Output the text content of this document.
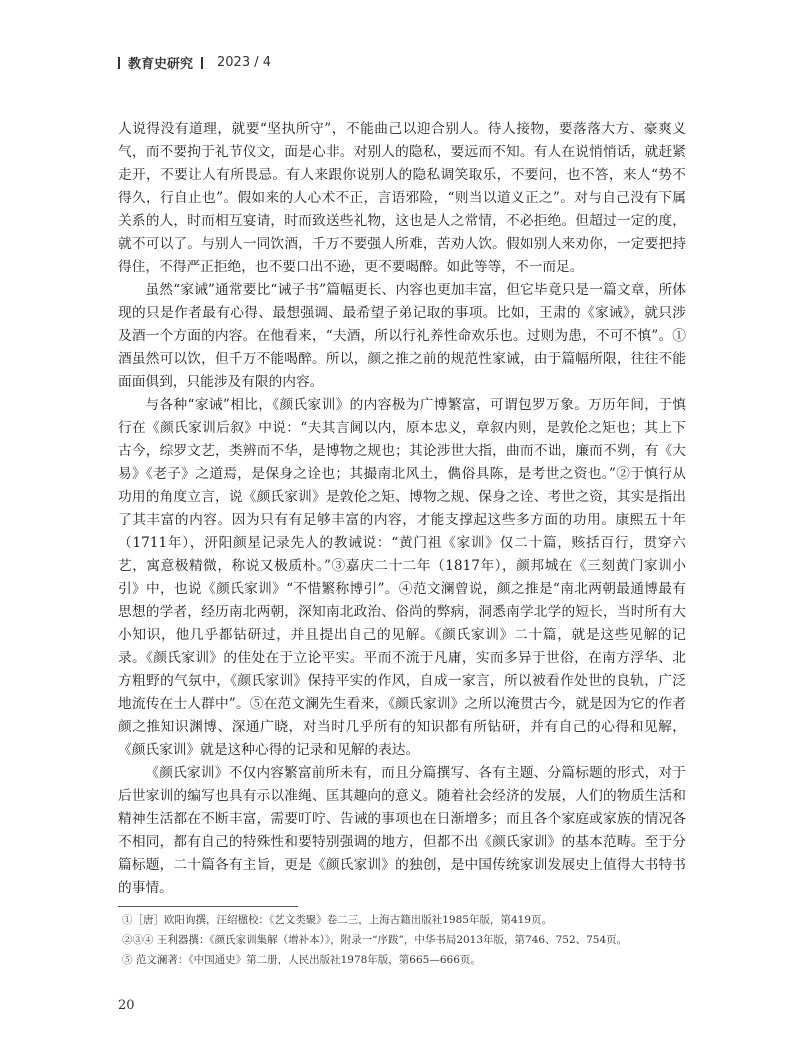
教育史研究 2023 / 4

人说得没有道理，就要“坚执所守”，不能曲己以迎合别人。待人接物，要落落大方、豪爽义气，而不要拘于礼节仪文，面是心非。对别人的隐私，要远而不知。有人在说悄悄话，就赶紧走开，不要让人有所畏忌。有人来跟你说别人的隐私调笑取乐，不要问，也不答，来人“势不得久，行自止也”。假如来的人心术不正，言语邪险，“则当以道义正之”。对与自己没有下属关系的人，时而相互宴请，时而致送些礼物，这也是人之常情，不必拒绝。但超过一定的度，就不可以了。与别人一同饮酒，千万不要强人所难，苦劝人饮。假如别人来劝你，一定要把持得住，不得严正拒绝，也不要口出不逊，更不要喝醉。如此等等，不一而足。

虽然“家诫”通常要比“诫子书”篇幅更长、内容也更加丰富，但它毕竟只是一篇文章，所体现的只是作者最有心得、最想强调、最希望子弟记取的事项。比如，王肃的《家诫》，就只涉及酒一个方面的内容。在他看来，“夫酒，所以行礼养性命欢乐也。过则为患，不可不慎”。①酒虽然可以饮，但千万不能喝醉。所以，颜之推之前的规范性家诫，由于篇幅所限，往往不能面面俱到，只能涉及有限的内容。

与各种“家诫”相比，《颜氏家训》的内容极为广博繁富，可谓包罗万象。万历年间，于慎行在《颜氏家训后叙》中说：“夫其言阃以内，原本忠义，章叙内则，是敦伦之矩也；其上下古今，综罗文艺，类辨而不华，是博物之规也；其论涉世大指，曲而不诎，廉而不刿，有《大易》《老子》之道焉，是保身之诠也；其撮南北风土，儁俗具陈，是考世之资也。”②于慎行从功用的角度立言，说《颜氏家训》是敦伦之矩、博物之规、保身之诠、考世之资，其实是指出了其丰富的内容。因为只有有足够丰富的内容，才能支撑起这些多方面的功用。康熙五十年（1711年），汧阳颜星记录先人的教诫说：“黄门祖《家训》仅二十篇，赅括百行，贯穿六艺，寓意极精微，称说又极质朴。”③嘉庆二十二年（1817年），颜邦城在《三刻黄门家训小引》中，也说《颜氏家训》“不惜繁称博引”。④范文澜曾说，颜之推是“南北两朝最通博最有思想的学者，经历南北两朝，深知南北政治、俗尚的弊病，洞悉南学北学的短长，当时所有大小知识，他几乎都钻研过，并且提出自己的见解。《颜氏家训》二十篇，就是这些见解的记录。《颜氏家训》的佳处在于立论平实。平而不流于凡庸，实而多异于世俗，在南方浮华、北方粗野的气氛中，《颜氏家训》保持平实的作风，自成一家言，所以被看作处世的良轨，广泛地流传在士人群中”。⑤在范文澜先生看来，《颜氏家训》之所以淹贯古今，就是因为它的作者颜之推知识渊博、深通广晓，对当时几乎所有的知识都有所钻研，并有自己的心得和见解，《颜氏家训》就是这种心得的记录和见解的表达。

《颜氏家训》不仅内容繁富前所未有，而且分篇撰写、各有主题、分篇标题的形式，对于后世家训的编写也具有示以准绳、匡其趣向的意义。随着社会经济的发展，人们的物质生活和精神生活都在不断丰富，需要叮咛、告诫的事项也在日渐增多；而且各个家庭或家族的情况各不相同，都有自己的特殊性和要特别强调的地方，但都不出《颜氏家训》的基本范畴。至于分篇标题，二十篇各有主旨，更是《颜氏家训》的独创，是中国传统家训发展史上值得大书特书的事情。

①［唐］欧阳询撰，汪绍楹校：《艺文类聚》卷二三，上海古籍出版社1985年版，第419页。
②③④ 王利器撰：《颜氏家训集解（增补本）》，附录一“序跋”，中华书局2013年版，第746、752、754页。
⑤ 范文澜著：《中国通史》第二册，人民出版社1978年版，第665—666页。
20
